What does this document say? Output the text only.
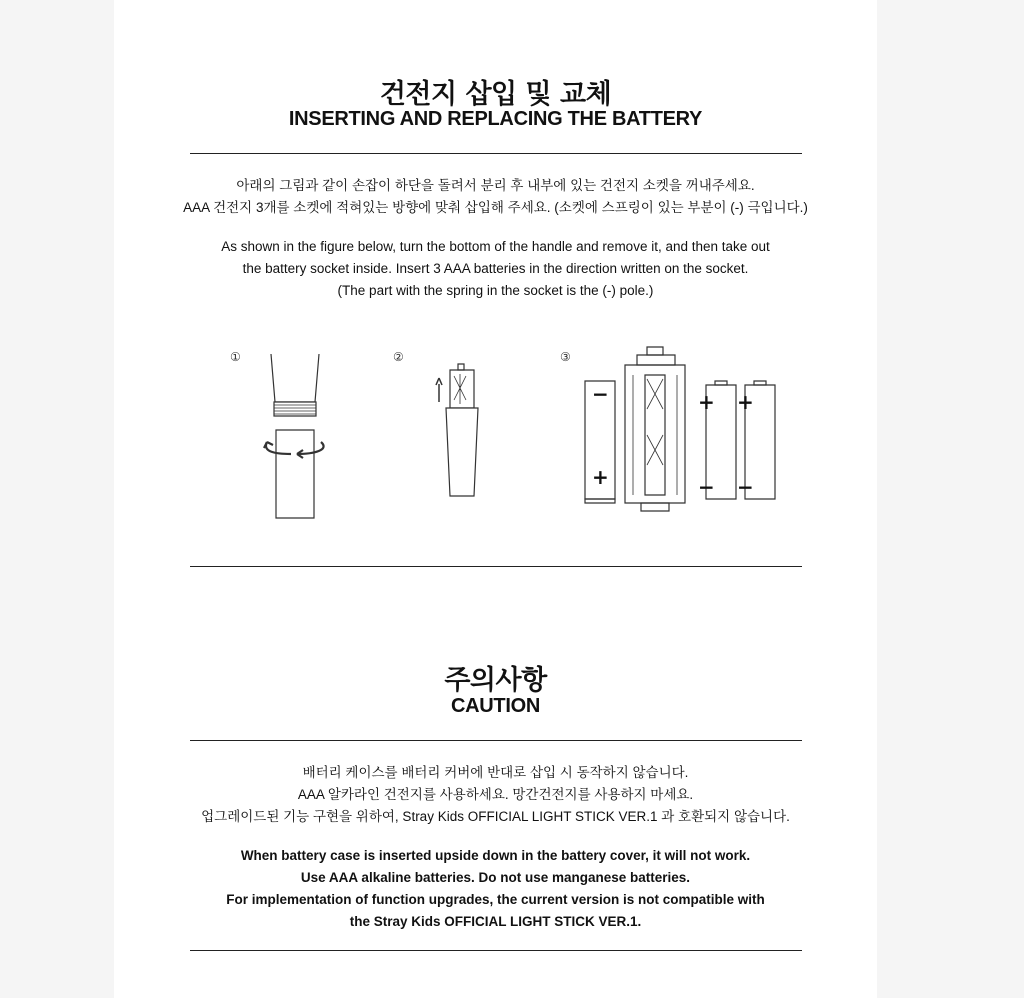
건전지 삽입 및 교체
INSERTING AND REPLACING THE BATTERY
아래의 그림과 같이 손잡이 하단을 돌려서 분리 후 내부에 있는 건전지 소켓을 꺼내주세요.
AAA 건전지 3개를 소켓에 적혀있는 방향에 맞춰 삽입해 주세요. (소켓에 스프링이 있는 부분이 (-) 극입니다.)
As shown in the figure below, turn the bottom of the handle and remove it, and then take out
the battery socket inside. Insert 3 AAA batteries in the direction written on the socket.
(The part with the spring in the socket is the (-) pole.)
①	②	③
+
−	+
−
+
−
주의사항
CAUTION
배터리 케이스를 배터리 커버에 반대로 삽입 시 동작하지 않습니다.
AAA 알카라인 건전지를 사용하세요. 망간건전지를 사용하지 마세요.
업그레이드된 기능 구현을 위하여, Stray Kids OFFICIAL LIGHT STICK VER.1 과 호환되지 않습니다.
When battery case is inserted upside down in the battery cover, it will not work.
Use AAA alkaline batteries. Do not use manganese batteries.
For implementation of function upgrades, the current version is not compatible with
the Stray Kids OFFICIAL LIGHT STICK VER.1.
